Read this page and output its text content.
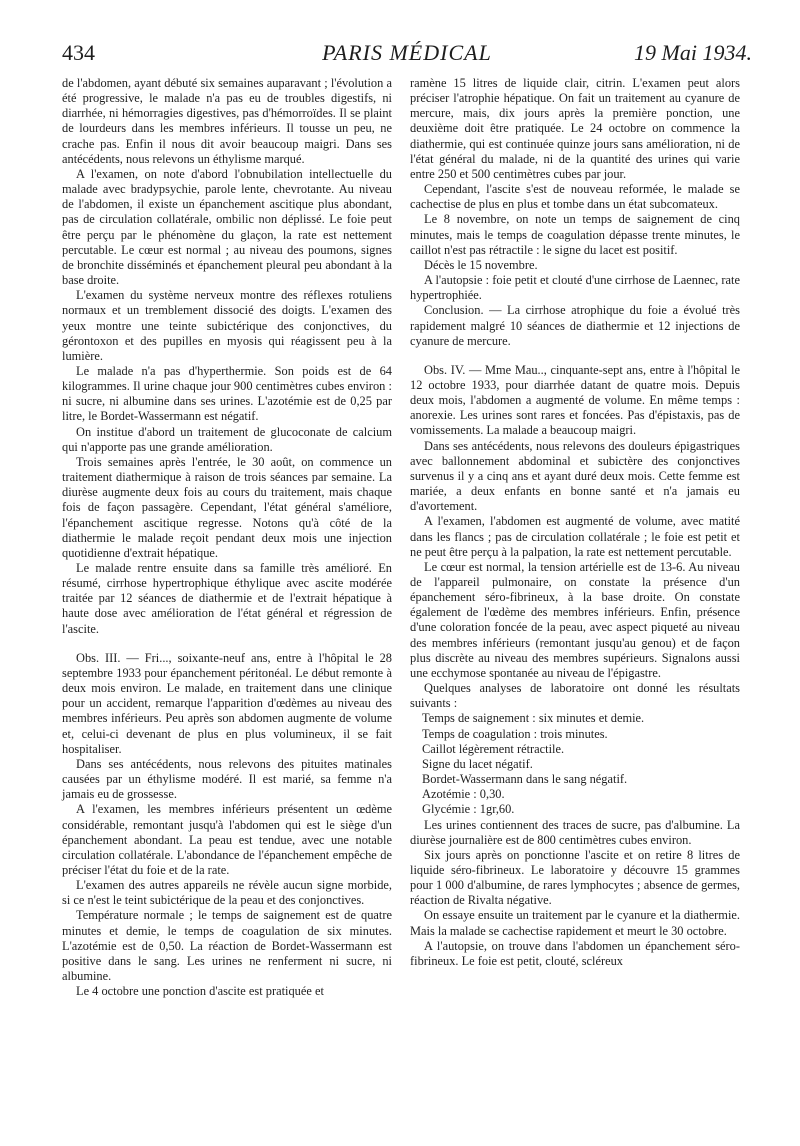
434	PARIS MÉDICAL	19 Mai 1934.

de l'abdomen, ayant débuté six semaines auparavant ; l'évolution a été progressive, le malade n'a pas eu de troubles digestifs, ni diarrhée, ni hémorragies digestives, pas d'hémorroïdes. Il se plaint de lourdeurs dans les membres inférieurs. Il tousse un peu, ne crache pas. Enfin il nous dit avoir beaucoup maigri. Dans ses antécédents, nous relevons un éthylisme marqué.

A l'examen, on note d'abord l'obnubilation intellectuelle du malade avec bradypsychie, parole lente, chevrotante. Au niveau de l'abdomen, il existe un épanchement ascitique plus abondant, pas de circulation collatérale, ombilic non déplissé. Le foie peut être perçu par le phénomène du glaçon, la rate est nettement percutable. Le cœur est normal ; au niveau des poumons, signes de bronchite disséminés et épanchement pleural peu abondant à la base droite.

L'examen du système nerveux montre des réflexes rotuliens normaux et un tremblement dissocié des doigts. L'examen des yeux montre une teinte subictérique des conjonctives, du gérontoxon et des pupilles en myosis qui réagissent peu à la lumière.

Le malade n'a pas d'hyperthermie. Son poids est de 64 kilogrammes. Il urine chaque jour 900 centimètres cubes environ : ni sucre, ni albumine dans ses urines. L'azotémie est de 0,25 par litre, le Bordet-Wassermann est négatif.

On institue d'abord un traitement de glucoconate de calcium qui n'apporte pas une grande amélioration.

Trois semaines après l'entrée, le 30 août, on commence un traitement diathermique à raison de trois séances par semaine. La diurèse augmente deux fois au cours du traitement, mais chaque fois de façon passagère. Cependant, l'état général s'améliore, l'épanchement ascitique regresse. Notons qu'à côté de la diathermie le malade reçoit pendant deux mois une injection quotidienne d'extrait hépatique.

Le malade rentre ensuite dans sa famille très amélioré. En résumé, cirrhose hypertrophique éthylique avec ascite modérée traitée par 12 séances de diathermie et de l'extrait hépatique à haute dose avec amélioration de l'état général et régression de l'ascite.

Obs. III. — Fri..., soixante-neuf ans, entre à l'hôpital le 28 septembre 1933 pour épanchement péritonéal. Le début remonte à deux mois environ. Le malade, en traitement dans une clinique pour un accident, remarque l'apparition d'œdèmes au niveau des membres inférieurs. Peu après son abdomen augmente de volume et, celui-ci devenant de plus en plus volumineux, il se fait hospitaliser.

Dans ses antécédents, nous relevons des pituites matinales causées par un éthylisme modéré. Il est marié, sa femme n'a jamais eu de grossesse.

A l'examen, les membres inférieurs présentent un œdème considérable, remontant jusqu'à l'abdomen qui est le siège d'un épanchement abondant. La peau est tendue, avec une notable circulation collatérale. L'abondance de l'épanchement empêche de préciser l'état du foie et de la rate.

L'examen des autres appareils ne révèle aucun signe morbide, si ce n'est le teint subictérique de la peau et des conjonctives.

Température normale ; le temps de saignement est de quatre minutes et demie, le temps de coagulation de six minutes. L'azotémie est de 0,50. La réaction de Bordet-Wassermann est positive dans le sang. Les urines ne renferment ni sucre, ni albumine.

Le 4 octobre une ponction d'ascite est pratiquée et

ramène 15 litres de liquide clair, citrin. L'examen peut alors préciser l'atrophie hépatique. On fait un traitement au cyanure de mercure, mais, dix jours après la première ponction, une deuxième doit être pratiquée. Le 24 octobre on commence la diathermie, qui est continuée quinze jours sans amélioration, ni de l'état général du malade, ni de la quantité des urines qui varie entre 250 et 500 centimètres cubes par jour.

Cependant, l'ascite s'est de nouveau reformée, le malade se cachectise de plus en plus et tombe dans un état subcomateux.

Le 8 novembre, on note un temps de saignement de cinq minutes, mais le temps de coagulation dépasse trente minutes, le caillot n'est pas rétractile : le signe du lacet est positif.

Décès le 15 novembre.

A l'autopsie : foie petit et clouté d'une cirrhose de Laennec, rate hypertrophiée.

Conclusion. — La cirrhose atrophique du foie a évolué très rapidement malgré 10 séances de diathermie et 12 injections de cyanure de mercure.

Obs. IV. — Mme Mau.., cinquante-sept ans, entre à l'hôpital le 12 octobre 1933, pour diarrhée datant de quatre mois. Depuis deux mois, l'abdomen a augmenté de volume. En même temps : anorexie. Les urines sont rares et foncées. Pas d'épistaxis, pas de vomissements. La malade a beaucoup maigri.

Dans ses antécédents, nous relevons des douleurs épigastriques avec ballonnement abdominal et subictère des conjonctives survenus il y a cinq ans et ayant duré deux mois. Cette femme est mariée, a deux enfants en bonne santé et n'a jamais eu d'avortement.

A l'examen, l'abdomen est augmenté de volume, avec matité dans les flancs ; pas de circulation collatérale ; le foie est petit et ne peut être perçu à la palpation, la rate est nettement percutable.

Le cœur est normal, la tension artérielle est de 13-6. Au niveau de l'appareil pulmonaire, on constate la présence d'un épanchement séro-fibrineux, à la base droite. On constate également de l'œdème des membres inférieurs. Enfin, présence d'une coloration foncée de la peau, avec aspect piqueté au niveau des membres inférieurs (remontant jusqu'au genou) et de façon plus discrète au niveau des membres supérieurs. Signalons aussi une ecchymose spontanée au niveau de l'épigastre.

Quelques analyses de laboratoire ont donné les résultats suivants :

Temps de saignement : six minutes et demie.

Temps de coagulation : trois minutes.

Caillot légèrement rétractile.

Signe du lacet négatif.

Bordet-Wassermann dans le sang négatif.

Azotémie : 0,30.

Glycémie : 1gr,60.

Les urines contiennent des traces de sucre, pas d'albumine. La diurèse journalière est de 800 centimètres cubes environ.

Six jours après on ponctionne l'ascite et on retire 8 litres de liquide séro-fibrineux. Le laboratoire y découvre 15 grammes pour 1 000 d'albumine, de rares lymphocytes ; absence de germes, réaction de Rivalta négative.

On essaye ensuite un traitement par le cyanure et la diathermie. Mais la malade se cachectise rapidement et meurt le 30 octobre.

A l'autopsie, on trouve dans l'abdomen un épanchement séro-fibrineux. Le foie est petit, clouté, scléreux
